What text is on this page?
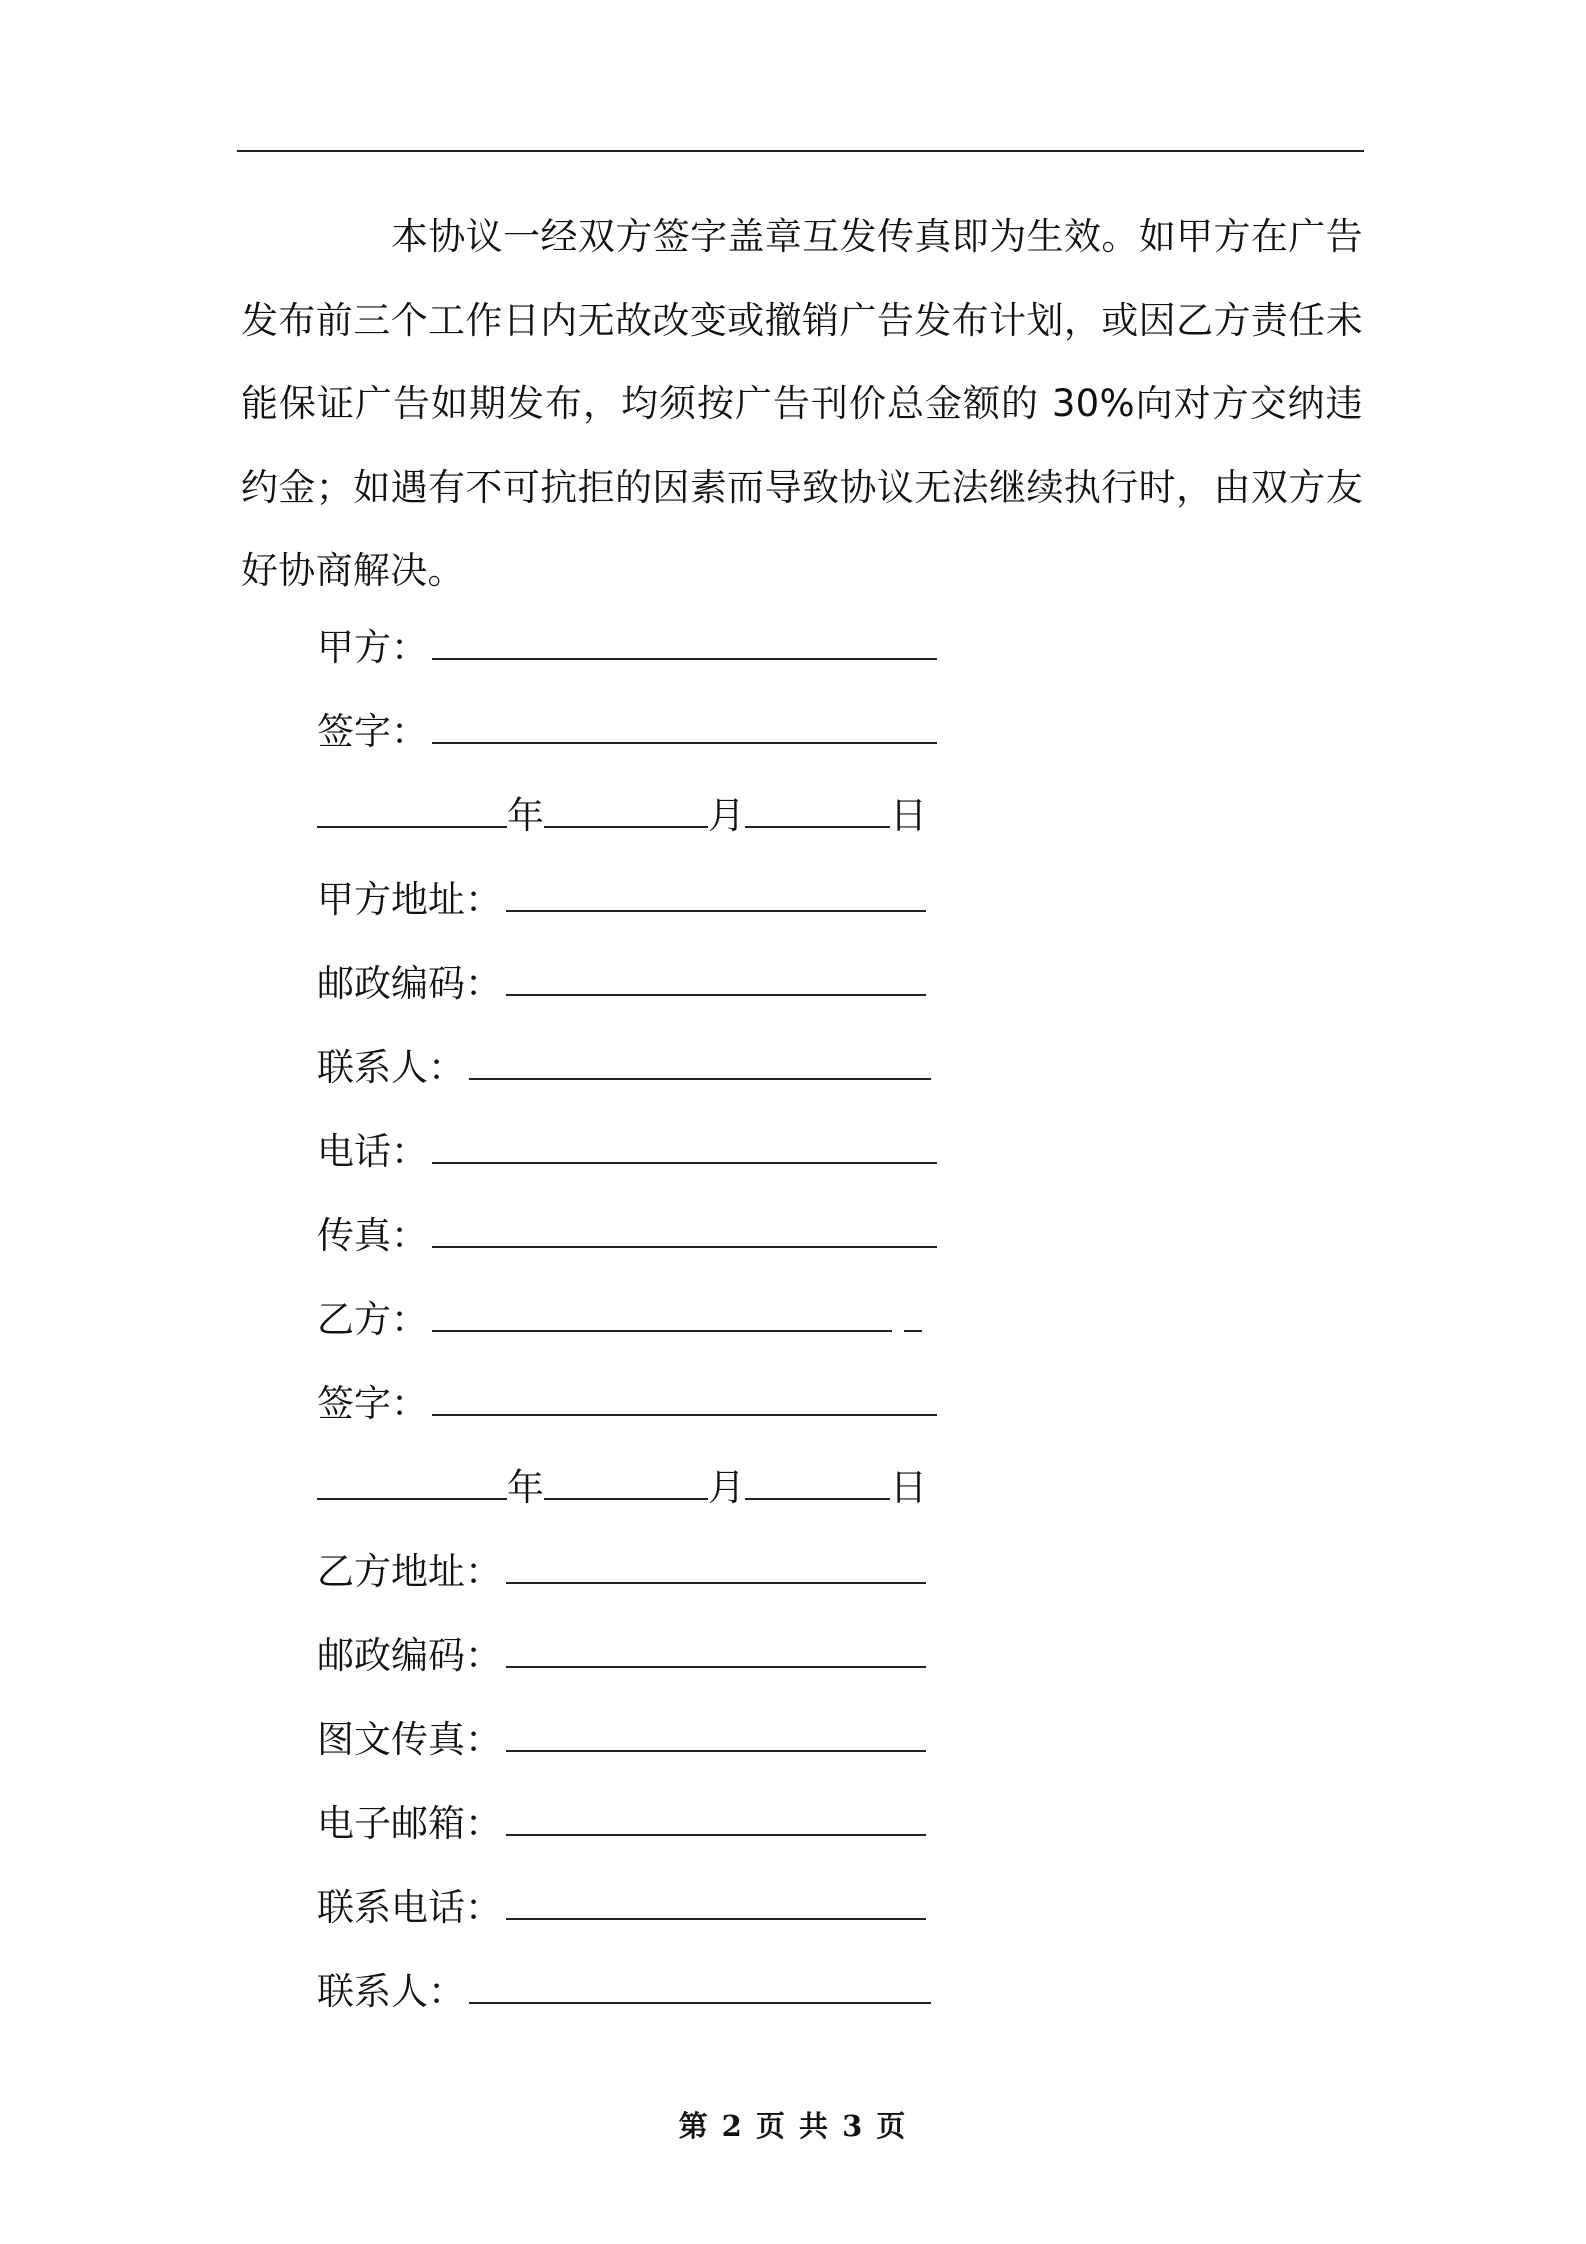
本协议一经双方签字盖章互发传真即为生效。如甲方在广告发布前三个工作日内无故改变或撤销广告发布计划，或因乙方责任未能保证广告如期发布，均须按广告刊价总金额的 30%向对方交纳违约金；如遇有不可抗拒的因素而导致协议无法继续执行时，由双方友好协商解决。

甲方：
签字：
年	月	日
甲方地址：
邮政编码：
联系人：
电话：
传真：
乙方：
签字：
年	月	日
乙方地址：
邮政编码：
图文传真：
电子邮箱：
联系电话：
联系人：
第 2 页 共 3 页
